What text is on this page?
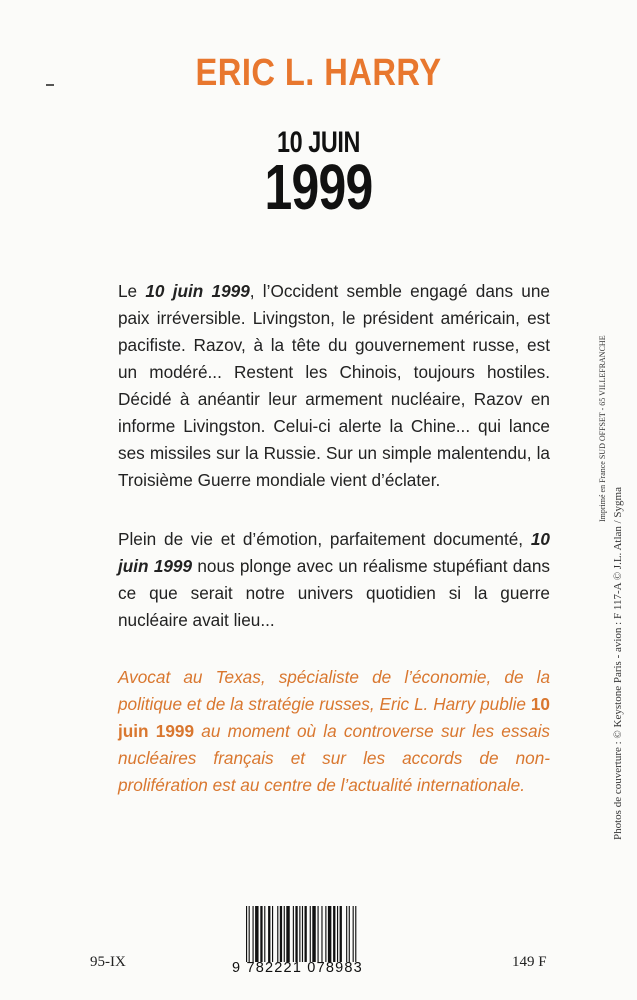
ERIC L. HARRY
10 JUIN
1999
Le 10 juin 1999, l’Occident semble engagé dans une paix irréversible. Livingston, le président américain, est pacifiste. Razov, à la tête du gouvernement russe, est un modéré... Restent les Chinois, toujours hostiles. Décidé à anéantir leur armement nucléaire, Razov en informe Livingston. Celui-ci alerte la Chine... qui lance ses missiles sur la Russie. Sur un simple malentendu, la Troisième Guerre mondiale vient d’éclater.
Plein de vie et d’émotion, parfaitement documenté, 10 juin 1999 nous plonge avec un réalisme stupéfiant dans ce que serait notre univers quotidien si la guerre nucléaire avait lieu...
Avocat au Texas, spécialiste de l’économie, de la politique et de la stratégie russes, Eric L. Harry publie 10 juin 1999 au moment où la controverse sur les essais nucléaires français et sur les accords de non-prolifération est au centre de l’actualité internationale.	Photos de couverture : © Keystone Paris - avion : F 117-A © J.L. Atlan / Sygma
Imprimé en France SUD OFFSET - 65 VILLEFRANCHE
9 782221 078983
95-IX	149 F
